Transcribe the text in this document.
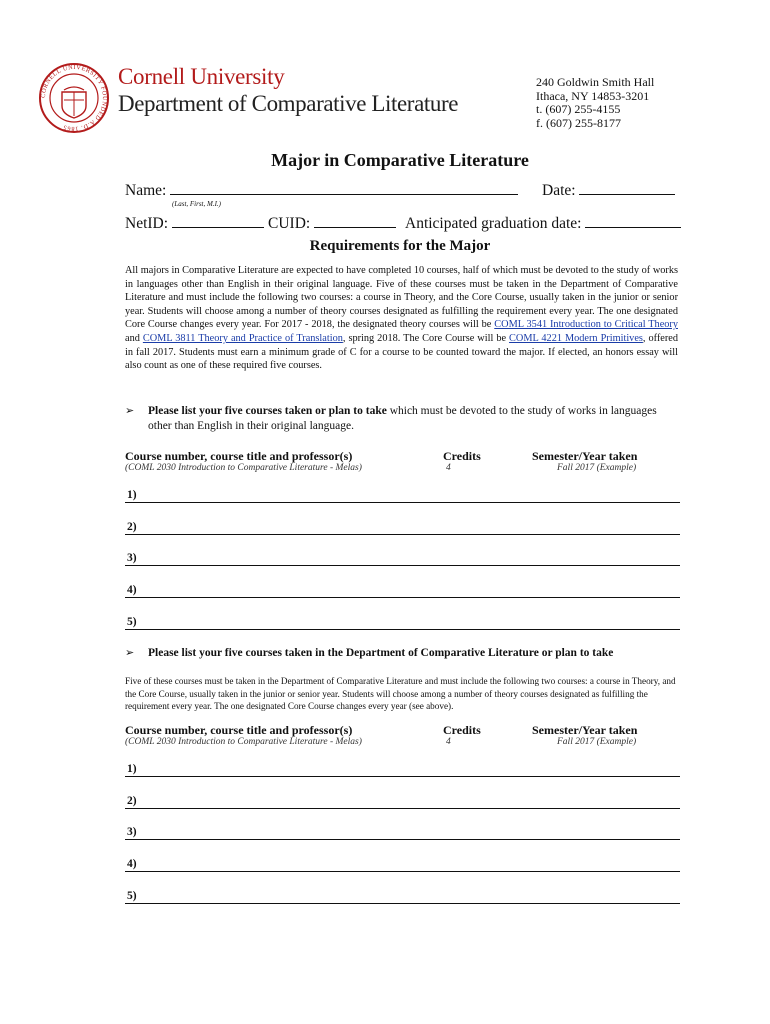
CORNELL UNIVERSITY FOUNDED A.D. 1865
Cornell University
Department of Comparative Literature
240 Goldwin Smith Hall
Ithaca, NY 14853-3201
t. (607) 255-4155
f. (607) 255-8177
Major in Comparative Literature
Name:	Date:
(Last, First, M.I.)
NetID:	CUID:	Anticipated graduation date:
Requirements for the Major
All majors in Comparative Literature are expected to have completed 10 courses, half of which must be devoted to the study of works in languages other than English in their original language. Five of these courses must be taken in the Department of Comparative Literature and must include the following two courses: a course in Theory, and the Core Course, usually taken in the junior or senior year. Students will choose among a number of theory courses designated as fulfilling the requirement every year. The one designated Core Course changes every year. For 2017 - 2018, the designated theory courses will be COML 3541 Introduction to Critical Theory and COML 3811 Theory and Practice of Translation, spring 2018. The Core Course will be COML 4221 Modern Primitives, offered in fall 2017. Students must earn a minimum grade of C for a course to be counted toward the major. If elected, an honors essay will also count as one of these required five courses.
➢ Please list your five courses taken or plan to take which must be devoted to the study of works in languages other than English in their original language.
Course number, course title and professor(s)	Credits	Semester/Year taken
(COML 2030 Introduction to Comparative Literature - Melas)	4	Fall 2017 (Example)
1)
2)
3)
4)
5)
➢ Please list your five courses taken in the Department of Comparative Literature or plan to take
Five of these courses must be taken in the Department of Comparative Literature and must include the following two courses: a course in Theory, and the Core Course, usually taken in the junior or senior year. Students will choose among a number of theory courses designated as fulfilling the requirement every year. The one designated Core Course changes every year (see above).
Course number, course title and professor(s)	Credits	Semester/Year taken
(COML 2030 Introduction to Comparative Literature - Melas)	4	Fall 2017 (Example)
1)
2)
3)
4)
5)
